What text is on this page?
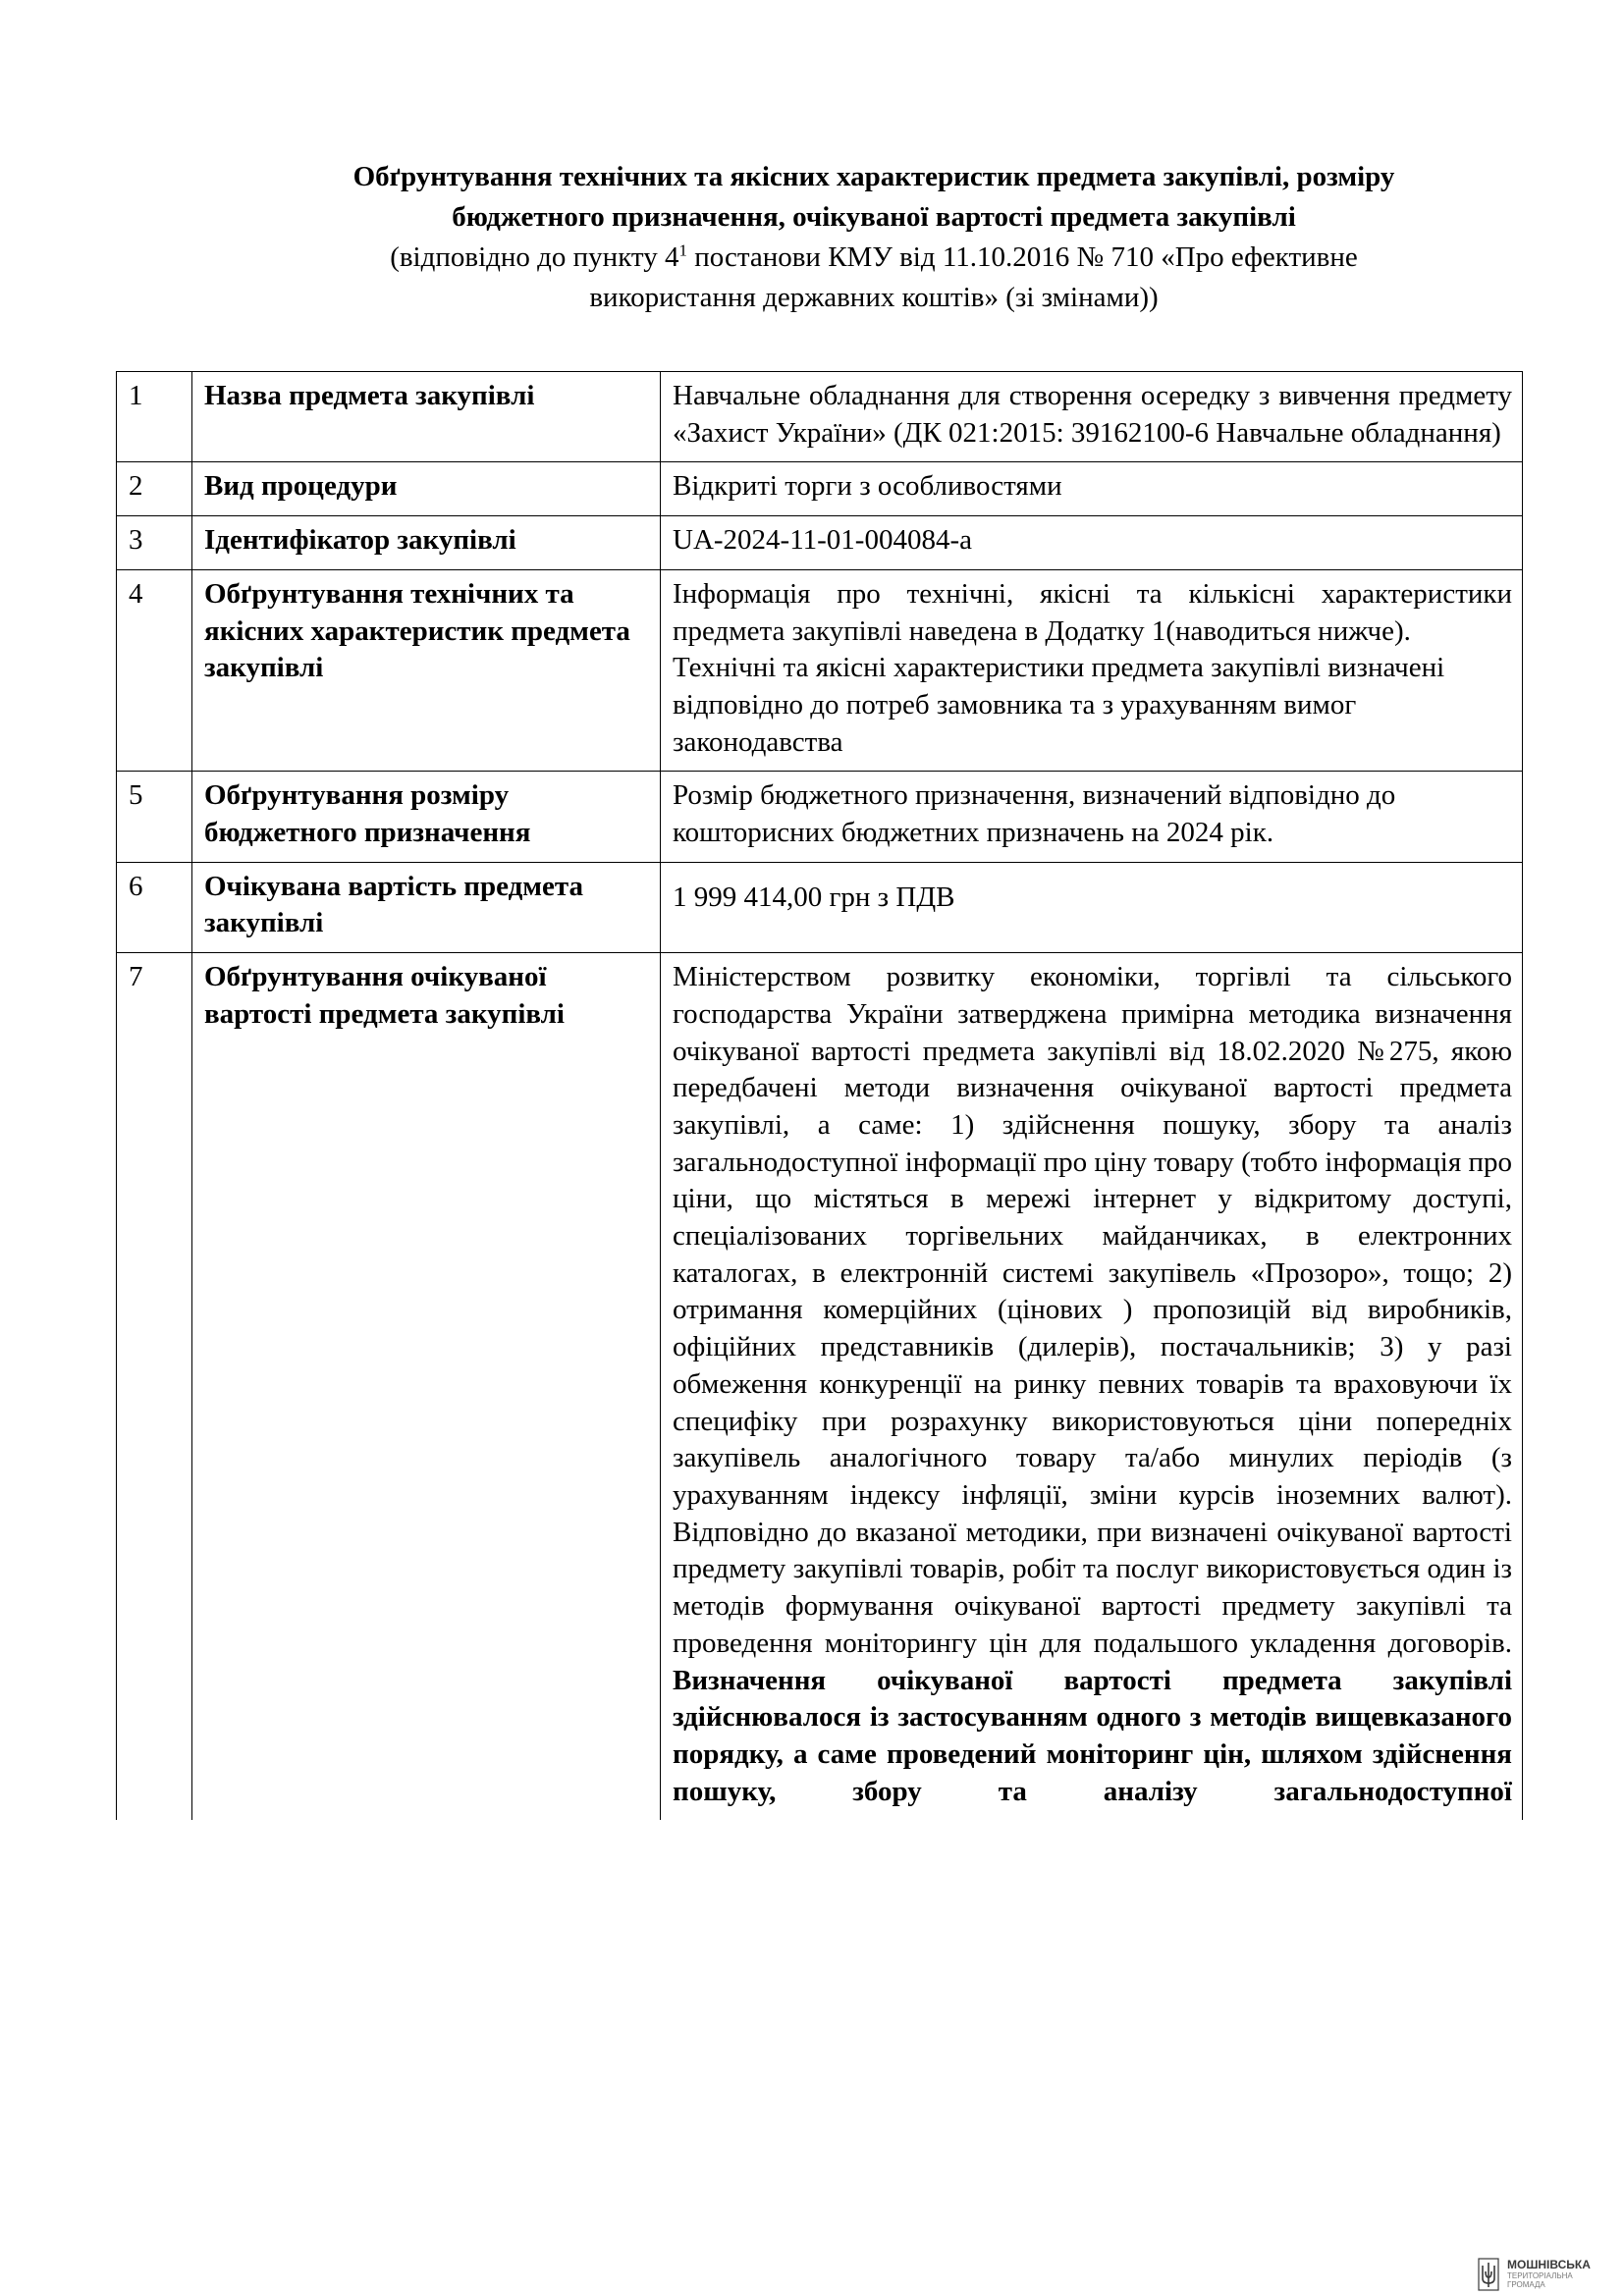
Обґрунтування технічних та якісних характеристик предмета закупівлі, розміру
бюджетного призначення, очікуваної вартості предмета закупівлі
(відповідно до пункту $4^1$ постанови КМУ від 11.10.2016 № 710 «Про ефективне
використання державних коштів» (зі змінами))
1	Назва предмета закупівлі	Навчальне обладнання для створення осередку з вивчення предмету «Захист України» (ДК 021:2015: 39162100-6 Навчальне обладнання)

2	Вид процедури	Відкриті торги з особливостями

3	Ідентифікатор закупівлі	UA-2024-11-01-004084-a

4	Обґрунтування технічних та якісних характеристик предмета закупівлі	Інформація про технічні, якісні та кількісні характеристики предмета закупівлі наведена в Додатку 1(наводиться нижче).

Технічні та якісні характеристики предмета закупівлі визначені відповідно до потреб замовника та з урахуванням вимог законодавства

5	Обґрунтування розміру бюджетного призначення	Розмір бюджетного призначення, визначений відповідно до кошторисних бюджетних призначень на 2024 рік.

6	Очікувана вартість предмета закупівлі	1 999 414,00 грн з ПДВ

7	Обґрунтування очікуваної вартості предмета закупівлі	Міністерством розвитку економіки, торгівлі та сільського господарства України затверджена примірна методика визначення очікуваної вартості предмета закупівлі від 18.02.2020 №275, якою передбачені методи визначення очікуваної вартості предмета закупівлі, а саме: 1) здійснення пошуку, збору та аналіз загальнодоступної інформації про ціну товару (тобто інформація про ціни, що містяться в мережі інтернет у відкритому доступі, спеціалізованих торгівельних майданчиках, в електронних каталогах, в електронній системі закупівель «Прозоро», тощо; 2) отримання комерційних (цінових ) пропозицій від виробників, офіційних представників (дилерів), постачальників; 3) у разі обмеження конкуренції на ринку певних товарів та враховуючи їх специфіку при розрахунку використовуються ціни попередніх закупівель аналогічного товару та/або минулих періодів (з урахуванням індексу інфляції, зміни курсів іноземних валют). Відповідно до вказаної методики, при визначені очікуваної вартості предмету закупівлі товарів, робіт та послуг використовується один із методів формування очікуваної вартості предмету закупівлі та проведення моніторингу цін для подальшого укладення договорів. Визначення очікуваної вартості предмета закупівлі здійснювалося із застосуванням одного з методів вищевказаного порядку, а саме проведений моніторинг цін, шляхом здійснення пошуку, збору та аналізу загальнодоступної

МОШНІВСЬКА
ТЕРИТОРІАЛЬНА
ГРОМАДА
